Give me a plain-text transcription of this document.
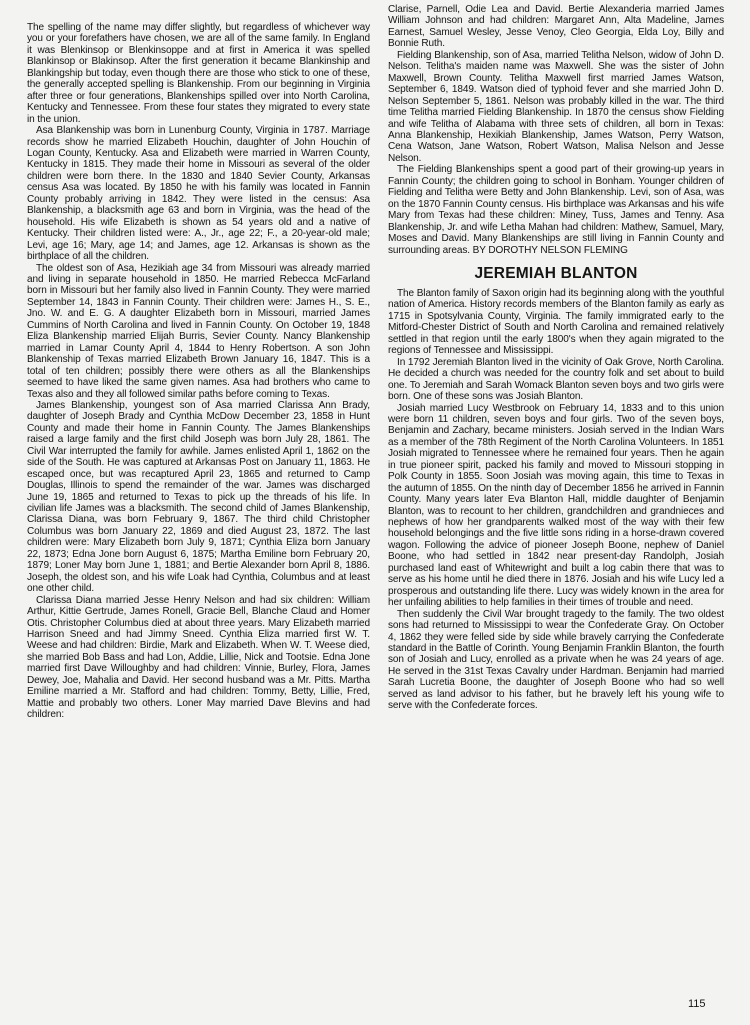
The spelling of the name may differ slightly, but regardless of whichever way you or your forefathers have chosen, we are all of the same family. In England it was Blenkinsop or Blenkinsoppe and at first in America it was spelled Blankinsop or Blakinsop. After the first generation it became Blankinship and Blankingship but today, even though there are those who stick to one of these, the generally accepted spelling is Blankenship. From our beginning in Virginia after three or four generations, Blankenships spilled over into North Carolina, Kentucky and Tennessee. From these four states they migrated to every state in the union.

Asa Blankenship was born in Lunenburg County, Virginia in 1787. Marriage records show he married Elizabeth Houchin, daughter of John Houchin of Logan County, Kentucky. Asa and Elizabeth were married in Warren County, Kentucky in 1815. They made their home in Missouri as several of the older children were born there. In the 1830 and 1840 Sevier County, Arkansas census Asa was located. By 1850 he with his family was located in Fannin County probably arriving in 1842. They were listed in the census: Asa Blankenship, a blacksmith age 63 and born in Virginia, was the head of the household. His wife Elizabeth is shown as 54 years old and a native of Kentucky. Their children listed were: A., Jr., age 22; F., a 20-year-old male; Levi, age 16; Mary, age 14; and James, age 12. Arkansas is shown as the birthplace of all the children.

The oldest son of Asa, Hezikiah age 34 from Missouri was already married and living in separate household in 1850. He married Rebecca McFarland born in Missouri but her family also lived in Fannin County. They were married September 14, 1843 in Fannin County. Their children were: James H., S. E., Jno. W. and E. G. A daughter Elizabeth born in Missouri, married James Cummins of North Carolina and lived in Fannin County. On October 19, 1848 Eliza Blankenship married Elijah Burris, Sevier County. Nancy Blankenship married in Lamar County April 4, 1844 to Henry Robertson. A son John Blankenship of Texas married Elizabeth Brown January 16, 1847. This is a total of ten children; possibly there were others as all the Blankenships seemed to have liked the same given names. Asa had brothers who came to Texas also and they all followed similar paths before coming to Texas.

James Blankenship, youngest son of Asa married Clarissa Ann Brady, daughter of Joseph Brady and Cynthia McDow December 23, 1858 in Hunt County and made their home in Fannin County. The James Blankenships raised a large family and the first child Joseph was born July 28, 1861. The Civil War interrupted the family for awhile. James enlisted April 1, 1862 on the side of the South. He was captured at Arkansas Post on January 11, 1863. He escaped once, but was recaptured April 23, 1865 and returned to Camp Douglas, Illinois to spend the remainder of the war. James was discharged June 19, 1865 and returned to Texas to pick up the threads of his life. In civilian life James was a blacksmith. The second child of James Blankenship, Clarissa Diana, was born February 9, 1867. The third child Christopher Columbus was born January 22, 1869 and died August 23, 1872. The last children were: Mary Elizabeth born July 9, 1871; Cynthia Eliza born January 22, 1873; Edna Jone born August 6, 1875; Martha Emiline born February 20, 1879; Loner May born June 1, 1881; and Bertie Alexander born April 8, 1886. Joseph, the oldest son, and his wife Loak had Cynthia, Columbus and at least one other child.

Clarissa Diana married Jesse Henry Nelson and had six children: William Arthur, Kittie Gertrude, James Ronell, Gracie Bell, Blanche Claud and Homer Otis. Christopher Columbus died at about three years. Mary Elizabeth married Harrison Sneed and had Jimmy Sneed. Cynthia Eliza married first W. T. Weese and had children: Birdie, Mark and Elizabeth. When W. T. Weese died, she married Bob Bass and had Lon, Addie, Lillie, Nick and Tootsie. Edna Jone married first Dave Willoughby and had children: Vinnie, Burley, Flora, James Dewey, Joe, Mahalia and David. Her second husband was a Mr. Pitts. Martha Emiline married a Mr. Stafford and had children: Tommy, Betty, Lillie, Fred, Mattie and probably two others. Loner May married Dave Blevins and had children:

Clarise, Parnell, Odie Lea and David. Bertie Alexanderia married James William Johnson and had children: Margaret Ann, Alta Madeline, James Earnest, Samuel Wesley, Jesse Venoy, Cleo Georgia, Elda Loy, Billy and Bonnie Ruth.

Fielding Blankenship, son of Asa, married Telitha Nelson, widow of John D. Nelson. Telitha's maiden name was Maxwell. She was the sister of John Maxwell, Brown County. Telitha Maxwell first married James Watson, September 6, 1849. Watson died of typhoid fever and she married John D. Nelson September 5, 1861. Nelson was probably killed in the war. The third time Telitha married Fielding Blankenship. In 1870 the census show Fielding and wife Telitha of Alabama with three sets of children, all born in Texas: Anna Blankenship, Hexikiah Blankenship, James Watson, Perry Watson, Cena Watson, Jane Watson, Robert Watson, Malisa Nelson and Jesse Nelson.

The Fielding Blankenships spent a good part of their growing-up years in Fannin County; the children going to school in Bonham. Younger children of Fielding and Telitha were Betty and John Blankenship. Levi, son of Asa, was on the 1870 Fannin County census. His birthplace was Arkansas and his wife Mary from Texas had these children: Miney, Tuss, James and Tenny. Asa Blankenship, Jr. and wife Letha Mahan had children: Mathew, Samuel, Mary, Moses and David. Many Blankenships are still living in Fannin County and surrounding areas. BY DOROTHY NELSON FLEMING

JEREMIAH BLANTON

The Blanton family of Saxon origin had its beginning along with the youthful nation of America. History records members of the Blanton family as early as 1715 in Spotsylvania County, Virginia. The family immigrated early to the Mitford-Chester District of South and North Carolina and remained relatively settled in that region until the early 1800's when they again migrated to the regions of Tennessee and Mississippi.

In 1792 Jeremiah Blanton lived in the vicinity of Oak Grove, North Carolina. He decided a church was needed for the country folk and set about to build one. To Jeremiah and Sarah Womack Blanton seven boys and two girls were born. One of these sons was Josiah Blanton.

Josiah married Lucy Westbrook on February 14, 1833 and to this union were born 11 children, seven boys and four girls. Two of the seven boys, Benjamin and Zachary, became ministers. Josiah served in the Indian Wars as a member of the 78th Regiment of the North Carolina Volunteers. In 1851 Josiah migrated to Tennessee where he remained four years. Then he again in true pioneer spirit, packed his family and moved to Missouri stopping in Polk County in 1855. Soon Josiah was moving again, this time to Texas in the autumn of 1855. On the ninth day of December 1856 he arrived in Fannin County. Many years later Eva Blanton Hall, middle daughter of Benjamin Blanton, was to recount to her children, grandchildren and grandnieces and nephews of how her grandparents walked most of the way with their few household belongings and the five little sons riding in a horse-drawn covered wagon. Following the advice of pioneer Joseph Boone, nephew of Daniel Boone, who had settled in 1842 near present-day Randolph, Josiah purchased land east of Whitewright and built a log cabin there that was to serve as his home until he died there in 1876. Josiah and his wife Lucy led a prosperous and outstanding life there. Lucy was widely known in the area for her unfailing abilities to help families in their times of trouble and need.

Then suddenly the Civil War brought tragedy to the family. The two oldest sons had returned to Mississippi to wear the Confederate Gray. On October 4, 1862 they were felled side by side while bravely carrying the Confederate standard in the Battle of Corinth. Young Benjamin Franklin Blanton, the fourth son of Josiah and Lucy, enrolled as a private when he was 24 years of age. He served in the 31st Texas Cavalry under Hardman. Benjamin had married Sarah Lucretia Boone, the daughter of Joseph Boone who had so well served as land advisor to his father, but he bravely left his young wife to serve with the Confederate forces.

115
